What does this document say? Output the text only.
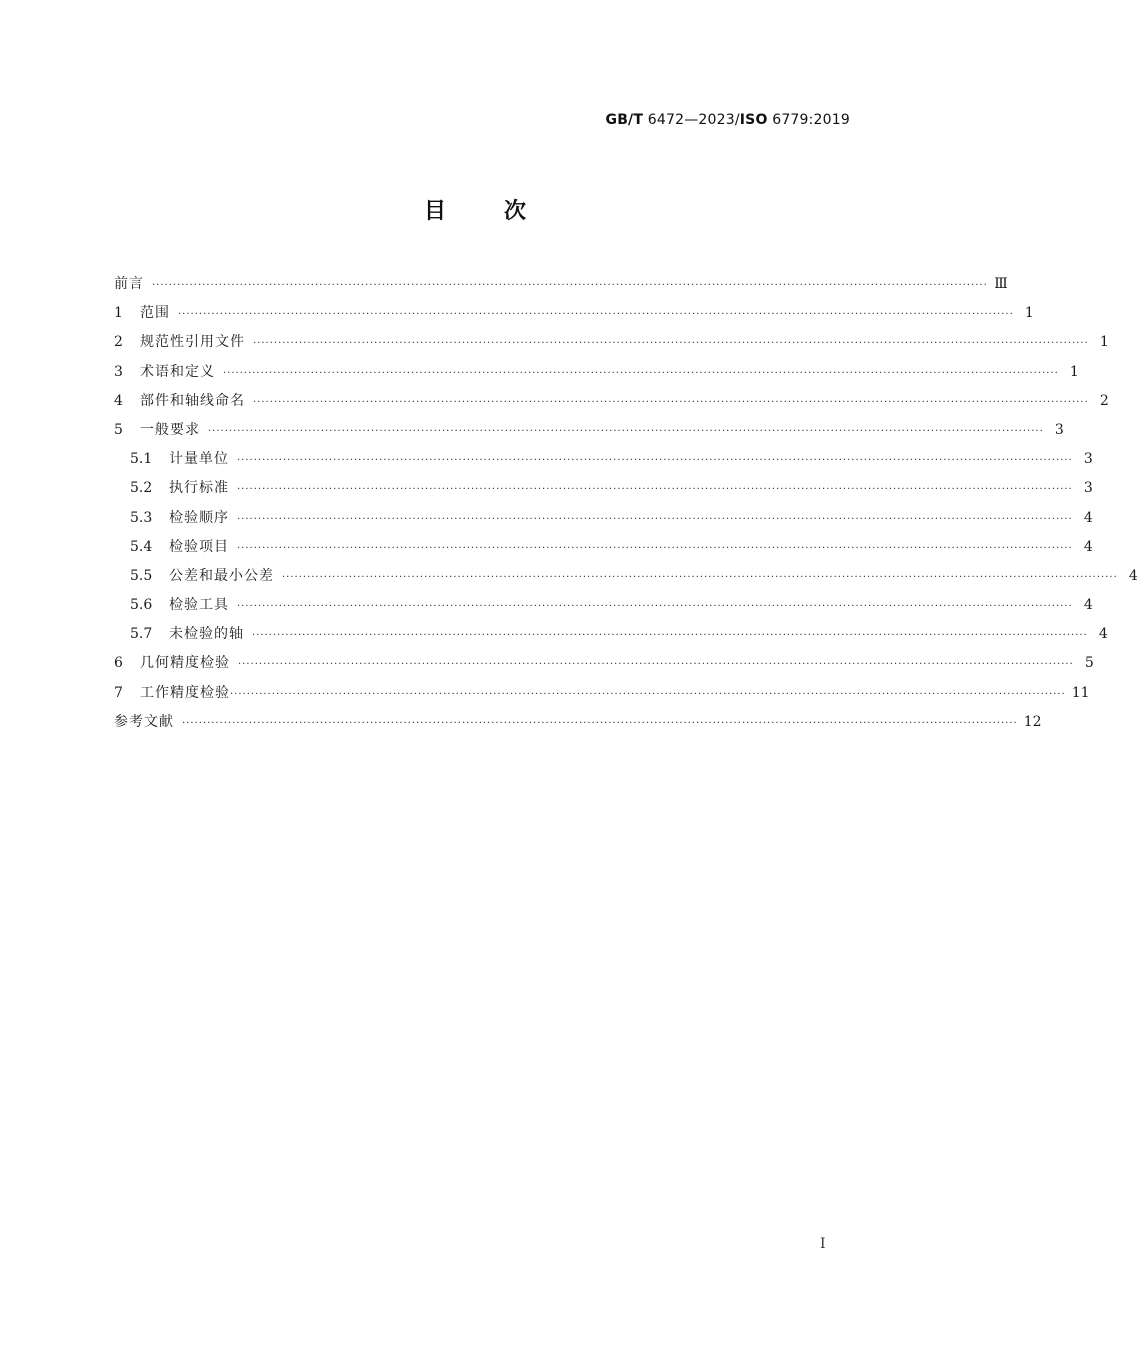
GB/T 6472—2023/ISO 6779:2019
目	次
前言 ········································································································································································································ Ⅲ
1	范围 ········································································································································································································ 1
2	规范性引用文件 ········································································································································································································ 1
3	术语和定义 ········································································································································································································ 1
4	部件和轴线命名 ········································································································································································································ 2
5	一般要求 ········································································································································································································ 3
5.1	计量单位 ········································································································································································································ 3
5.2	执行标准 ········································································································································································································ 3
5.3	检验顺序 ········································································································································································································ 4
5.4	检验项目 ········································································································································································································ 4
5.5	公差和最小公差 ········································································································································································································ 4
5.6	检验工具 ········································································································································································································ 4
5.7	未检验的轴 ········································································································································································································ 4
6	几何精度检验 ········································································································································································································ 5
7	工作精度检验 ········································································································································································································ 11
参考文献 ········································································································································································································ 12
I
